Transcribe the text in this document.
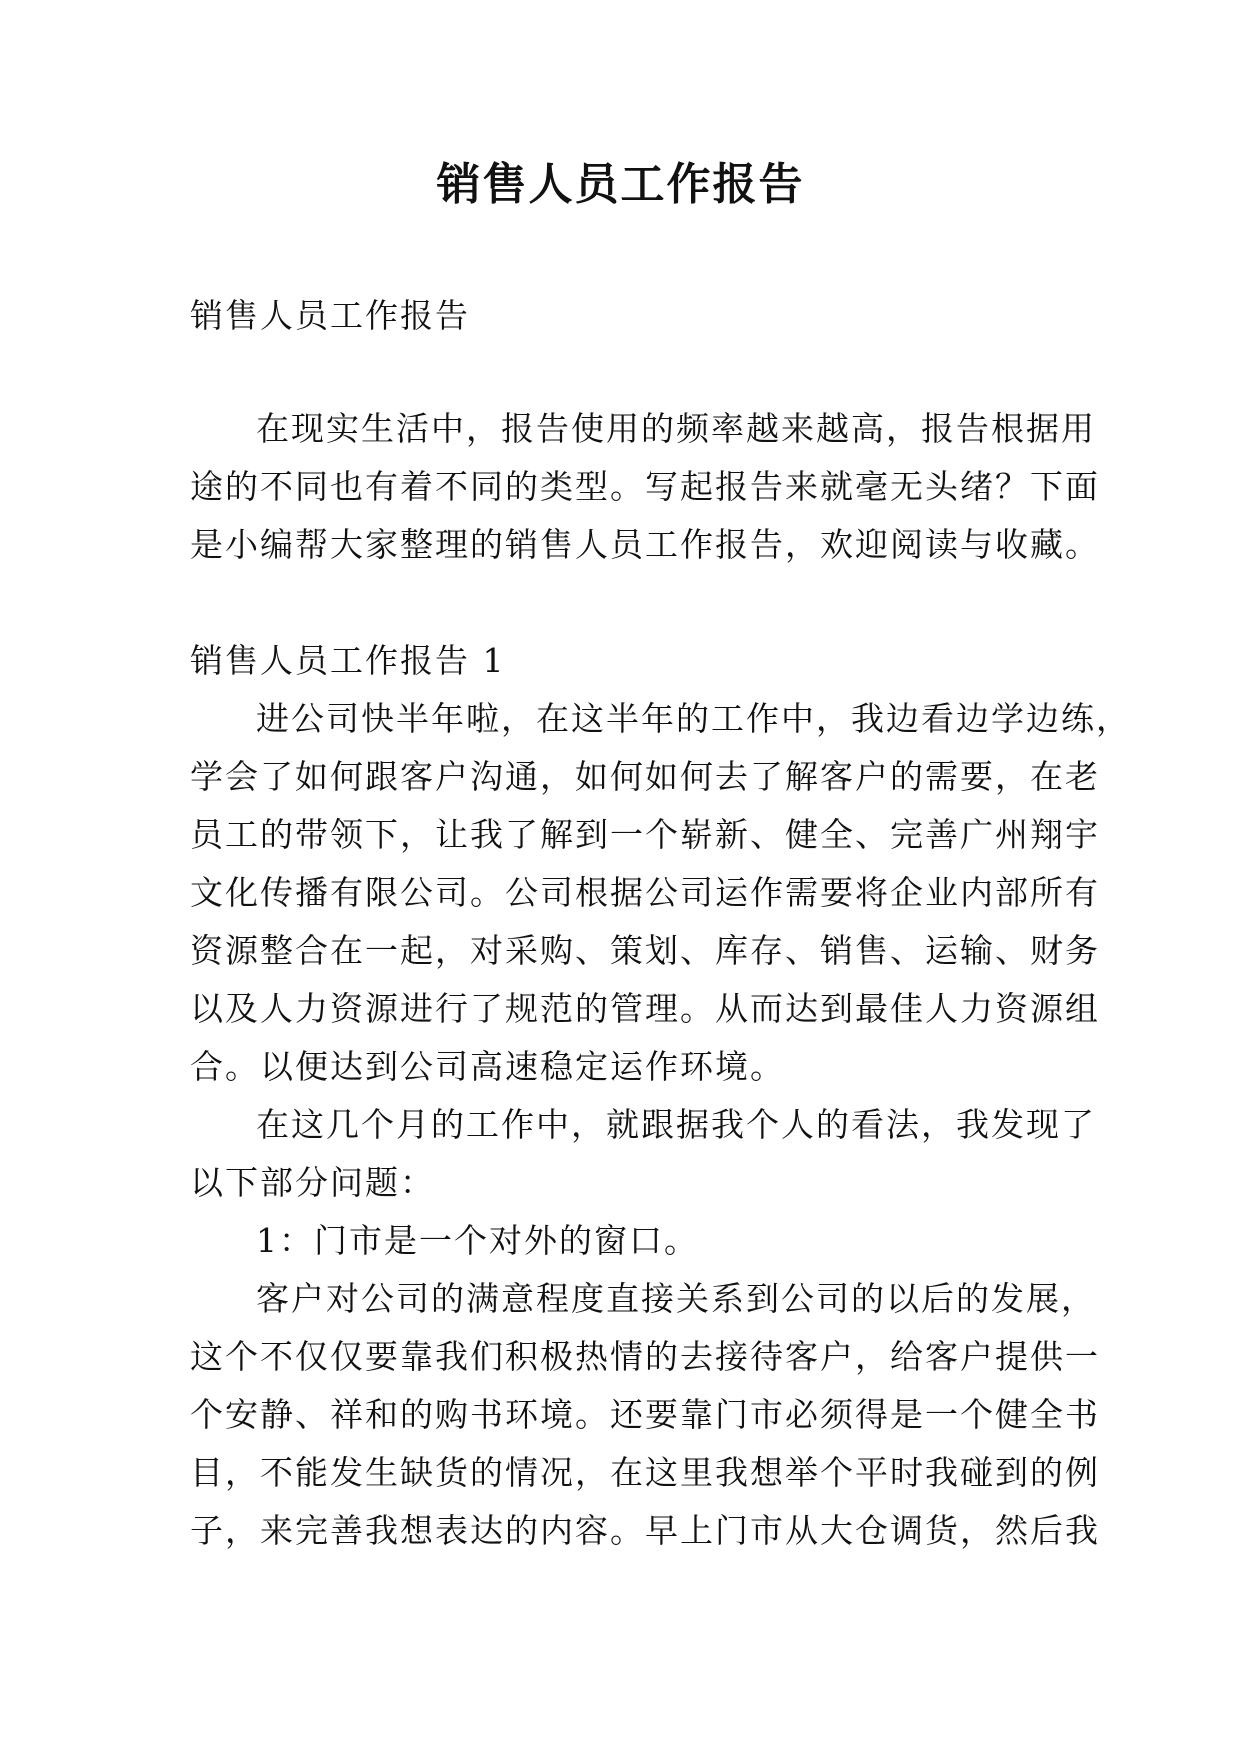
销售人员工作报告
销售人员工作报告
在现实生活中，报告使用的频率越来越高，报告根据用
途的不同也有着不同的类型。写起报告来就毫无头绪？下面
是小编帮大家整理的销售人员工作报告，欢迎阅读与收藏。
销售人员工作报告 1
进公司快半年啦，在这半年的工作中，我边看边学边练，
学会了如何跟客户沟通，如何如何去了解客户的需要，在老
员工的带领下，让我了解到一个崭新、健全、完善广州翔宇
文化传播有限公司。公司根据公司运作需要将企业内部所有
资源整合在一起，对采购、策划、库存、销售、运输、财务
以及人力资源进行了规范的管理。从而达到最佳人力资源组
合。以便达到公司高速稳定运作环境。
在这几个月的工作中，就跟据我个人的看法，我发现了
以下部分问题：
1：门市是一个对外的窗口。
客户对公司的满意程度直接关系到公司的以后的发展，
这个不仅仅要靠我们积极热情的去接待客户，给客户提供一
个安静、祥和的购书环境。还要靠门市必须得是一个健全书
目，不能发生缺货的情况，在这里我想举个平时我碰到的例
子，来完善我想表达的内容。早上门市从大仓调货，然后我
